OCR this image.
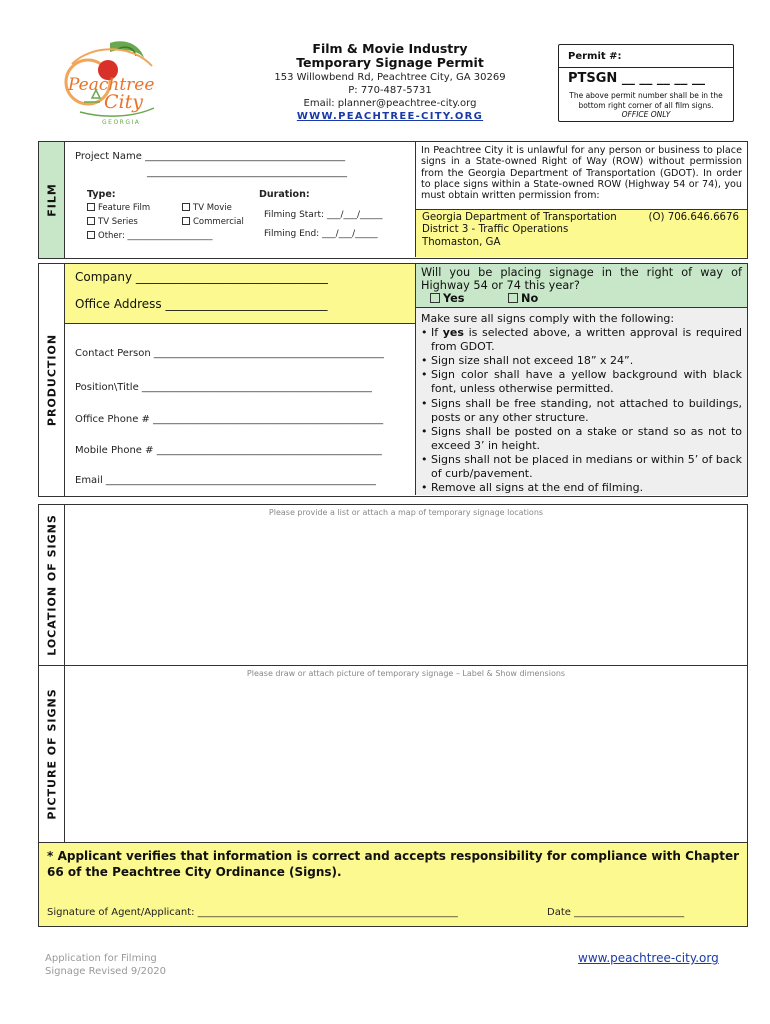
Peachtree
City
GEORGIA
Film & Movie Industry
Temporary Signage Permit
153 Willowbend Rd, Peachtree City, GA 30269
P: 770-487-5731
Email: planner@peachtree-city.org
WWW.PEACHTREE-CITY.ORG
Permit #:
PTSGN __ __ __ __ __
The above permit number shall be in the bottom right corner of all film signs.
OFFICE ONLY
FILM
Project Name ________________________________________
________________________________________
Type:	Duration:
Feature Film
TV Series
Other: ____________________
TV Movie
Commercial
Filming Start: ___/___/_____
Filming End: ___/___/_____
In Peachtree City it is unlawful for any person or business to place signs in a State-owned Right of Way (ROW) without permission from the Georgia Department of Transportation (GDOT). In order to place signs within a State-owned ROW (Highway 54 or 74), you must obtain written permission from:
Georgia Department of Transportation	(O) 706.646.6676
District 3 - Traffic Operations
Thomaston, GA
PRODUCTION
Company ________________________________
Office Address ___________________________
Contact Person ______________________________________________
Position\Title ______________________________________________
Office Phone # ______________________________________________
Mobile Phone # _____________________________________________
Email ______________________________________________________
Will you be placing signage in the right of way of Highway 54 or 74 this year?
Yes	No
Make sure all signs comply with the following:
• If yes is selected above, a written approval is required from GDOT.
• Sign size shall not exceed 18” x 24”.
• Sign color shall have a yellow background with black font, unless otherwise permitted.
• Signs shall be free standing, not attached to buildings, posts or any other structure.
• Signs shall be posted on a stake or stand so as not to exceed 3’ in height.
• Signs shall not be placed in medians or within 5’ of back of curb/pavement.
• Remove all signs at the end of filming.
LOCATION OF SIGNS
Please provide a list or attach a map of temporary signage locations
PICTURE OF SIGNS
Please draw or attach picture of temporary signage – Label & Show dimensions
* Applicant verifies that information is correct and accepts responsibility for compliance with Chapter 66 of the Peachtree City Ordinance (Signs).
Signature of Agent/Applicant: ____________________________________________________	Date ______________________
Application for Filming
Signage Revised 9/2020
www.peachtree-city.org
